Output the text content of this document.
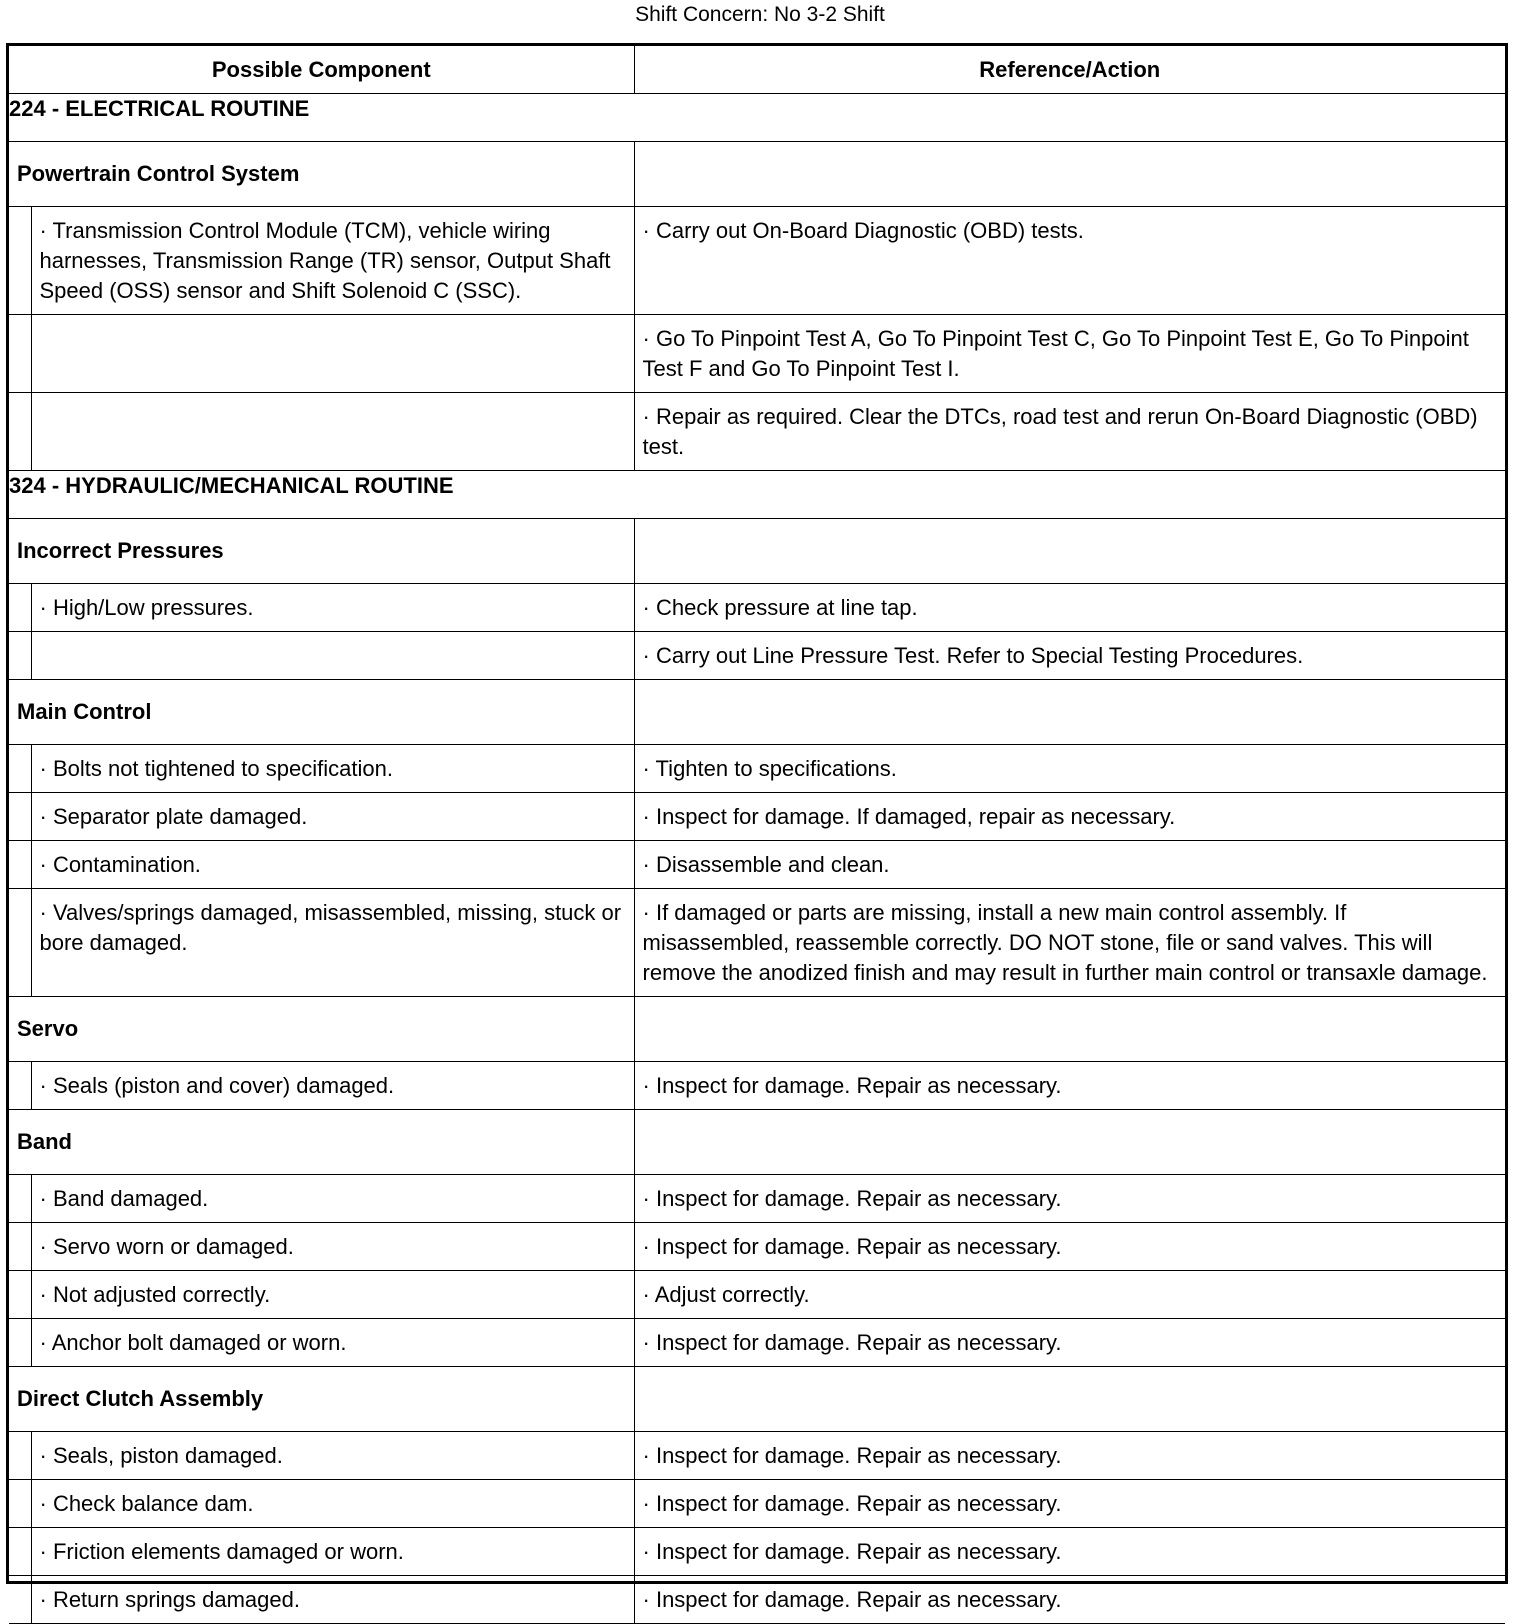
Shift Concern: No 3-2 Shift
Possible Component		Reference/Action
224 - ELECTRICAL ROUTINE		
Powertrain Control System		
	· Transmission Control Module (TCM), vehicle wiring harnesses, Transmission Range (TR) sensor, Output Shaft Speed (OSS) sensor and Shift Solenoid C (SSC).	· Carry out On-Board Diagnostic (OBD) tests.
		· Go To Pinpoint Test A, Go To Pinpoint Test C, Go To Pinpoint Test E, Go To Pinpoint Test F and Go To Pinpoint Test I.
		· Repair as required. Clear the DTCs, road test and rerun On-Board Diagnostic (OBD) test.
324 - HYDRAULIC/MECHANICAL ROUTINE		
Incorrect Pressures		
	· High/Low pressures.	· Check pressure at line tap.
		· Carry out Line Pressure Test. Refer to Special Testing Procedures.
Main Control		
	· Bolts not tightened to specification.	· Tighten to specifications.
	· Separator plate damaged.	· Inspect for damage. If damaged, repair as necessary.
	· Contamination.	· Disassemble and clean.
	· Valves/springs damaged, misassembled, missing, stuck or bore damaged.	· If damaged or parts are missing, install a new main control assembly. If misassembled, reassemble correctly. DO NOT stone, file or sand valves. This will remove the anodized finish and may result in further main control or transaxle damage.
Servo		
	· Seals (piston and cover) damaged.	· Inspect for damage. Repair as necessary.
Band		
	· Band damaged.	· Inspect for damage. Repair as necessary.
	· Servo worn or damaged.	· Inspect for damage. Repair as necessary.
	· Not adjusted correctly.	· Adjust correctly.
	· Anchor bolt damaged or worn.	· Inspect for damage. Repair as necessary.
Direct Clutch Assembly		
	· Seals, piston damaged.	· Inspect for damage. Repair as necessary.
	· Check balance dam.	· Inspect for damage. Repair as necessary.
	· Friction elements damaged or worn.	· Inspect for damage. Repair as necessary.
	· Return springs damaged.	· Inspect for damage. Repair as necessary.
